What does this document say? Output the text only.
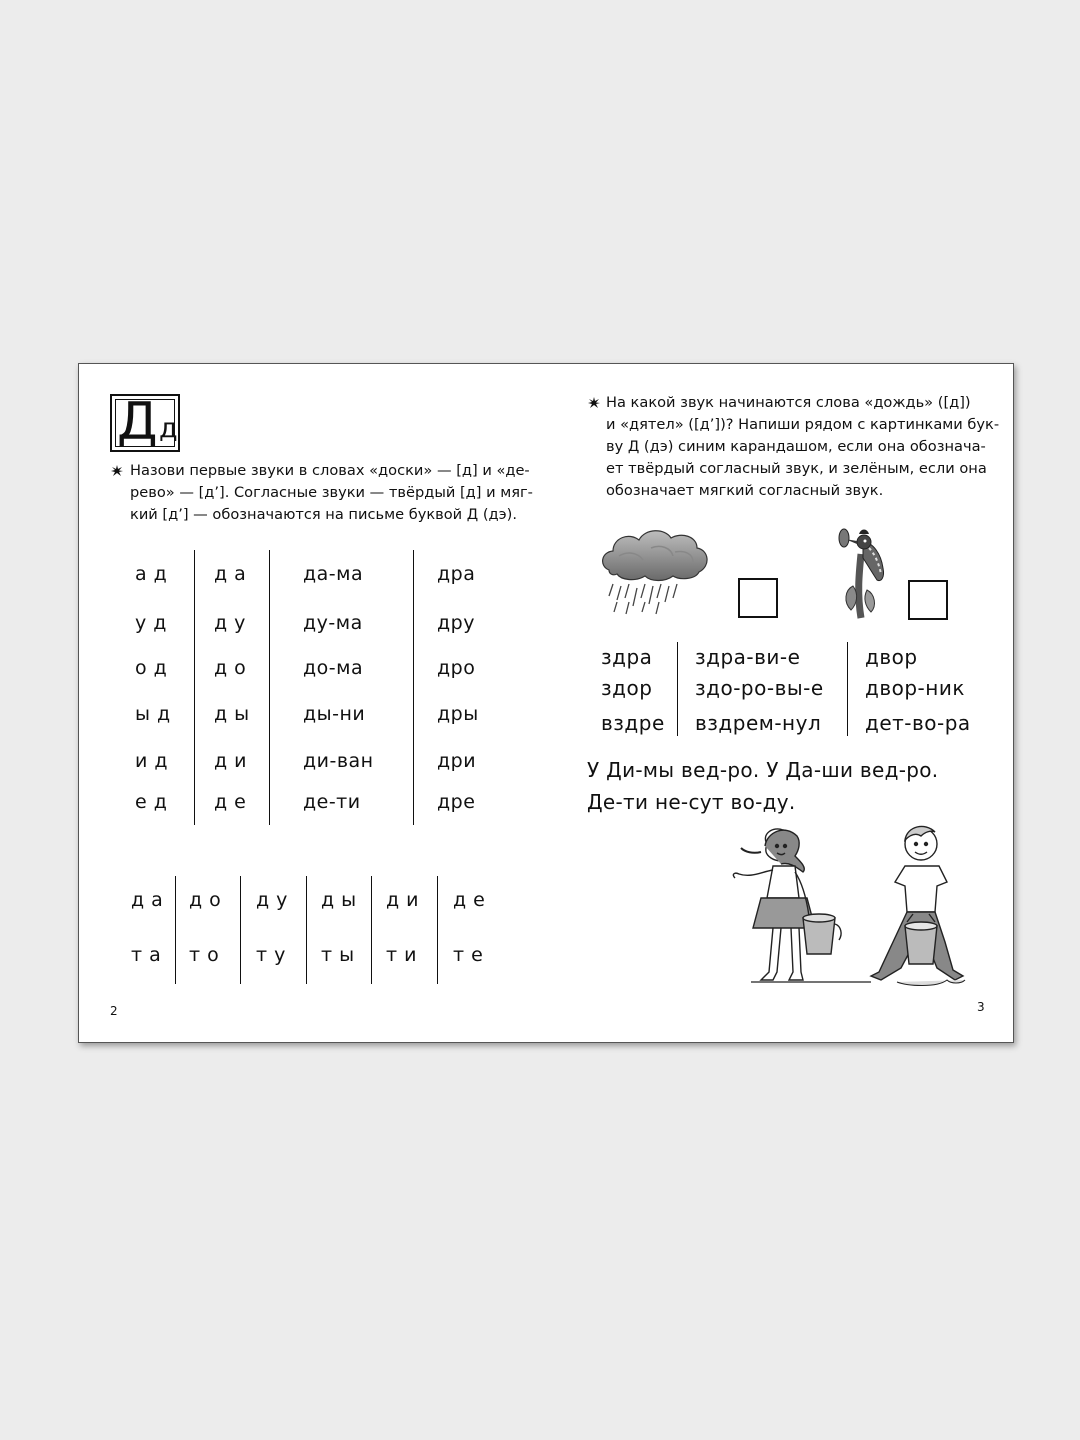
Д д
Назови первые звуки в словах «доски» — [д] и «де-
рево» — [д’]. Согласные звуки — твёрдый [д] и мяг-
кий [д’] — обозначаются на письме буквой Д (дэ).
а д
у д
о д
ы д
и д
е д
д а
д у
д о
д ы
д и
д е
да-ма
ду-ма
до-ма
ды-ни
ди-ван
де-ти
дра
дру
дро
дры
дри
дре
д а д о д у д ы д и д е
т а т о т у т ы т и т е
2
На какой звук начинаются слова «дождь» ([д])
и «дятел» ([д’])? Напиши рядом с картинками бук-
ву Д (дэ) синим карандашом, если она обознача-
ет твёрдый согласный звук, и зелёным, если она
обозначает мягкий согласный звук.
здра
здор
вздре
здра-ви-е
здо-ро-вы-е
вздрем-нул
двор
двор-ник
дет-во-ра
У Ди-мы вед-ро. У Да-ши вед-ро.
Де-ти не-сут во-ду.
3
